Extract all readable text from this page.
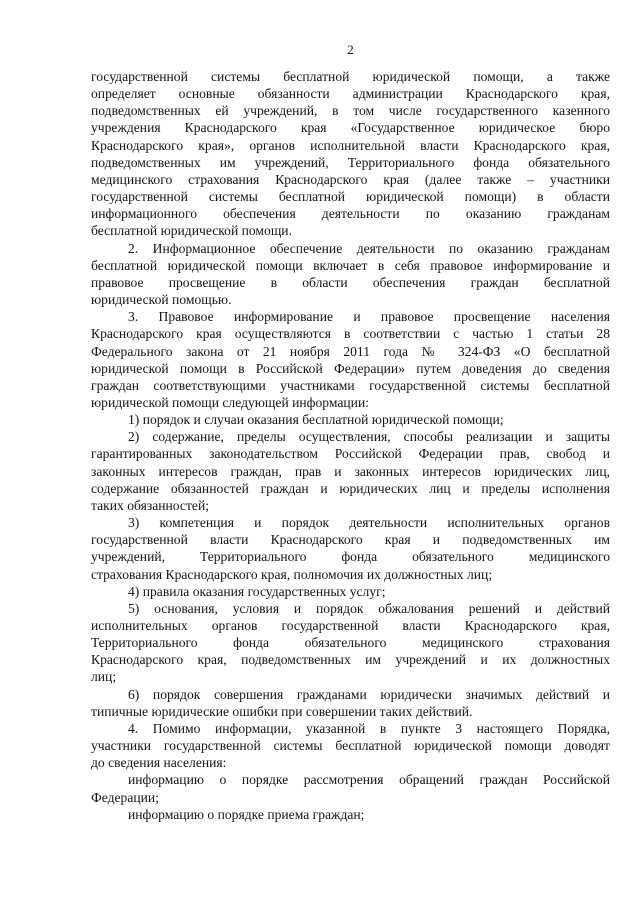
2
государственной системы бесплатной юридической помощи, а также
определяет основные обязанности администрации Краснодарского края,
подведомственных ей учреждений, в том числе государственного казенного
учреждения Краснодарского края «Государственное юридическое бюро
Краснодарского края», органов исполнительной власти Краснодарского края,
подведомственных им учреждений, Территориального фонда обязательного
медицинского страхования Краснодарского края (далее также – участники
государственной системы бесплатной юридической помощи) в области
информационного обеспечения деятельности по оказанию гражданам
бесплатной юридической помощи.
2. Информационное обеспечение деятельности по оказанию гражданам
бесплатной юридической помощи включает в себя правовое информирование и
правовое просвещение в области обеспечения граждан бесплатной
юридической помощью.
3. Правовое информирование и правовое просвещение населения
Краснодарского края осуществляются в соответствии с частью 1 статьи 28
Федерального закона от 21 ноября 2011 года № 324-ФЗ «О бесплатной
юридической помощи в Российской Федерации» путем доведения до сведения
граждан соответствующими участниками государственной системы бесплатной
юридической помощи следующей информации:
1) порядок и случаи оказания бесплатной юридической помощи;
2) содержание, пределы осуществления, способы реализации и защиты
гарантированных законодательством Российской Федерации прав, свобод и
законных интересов граждан, прав и законных интересов юридических лиц,
содержание обязанностей граждан и юридических лиц и пределы исполнения
таких обязанностей;
3) компетенция и порядок деятельности исполнительных органов
государственной власти Краснодарского края и подведомственных им
учреждений, Территориального фонда обязательного медицинского
страхования Краснодарского края, полномочия их должностных лиц;
4) правила оказания государственных услуг;
5) основания, условия и порядок обжалования решений и действий
исполнительных органов государственной власти Краснодарского края,
Территориального фонда обязательного медицинского страхования
Краснодарского края, подведомственных им учреждений и их должностных
лиц;
6) порядок совершения гражданами юридически значимых действий и
типичные юридические ошибки при совершении таких действий.
4. Помимо информации, указанной в пункте 3 настоящего Порядка,
участники государственной системы бесплатной юридической помощи доводят
до сведения населения:
информацию о порядке рассмотрения обращений граждан Российской
Федерации;
информацию о порядке приема граждан;
